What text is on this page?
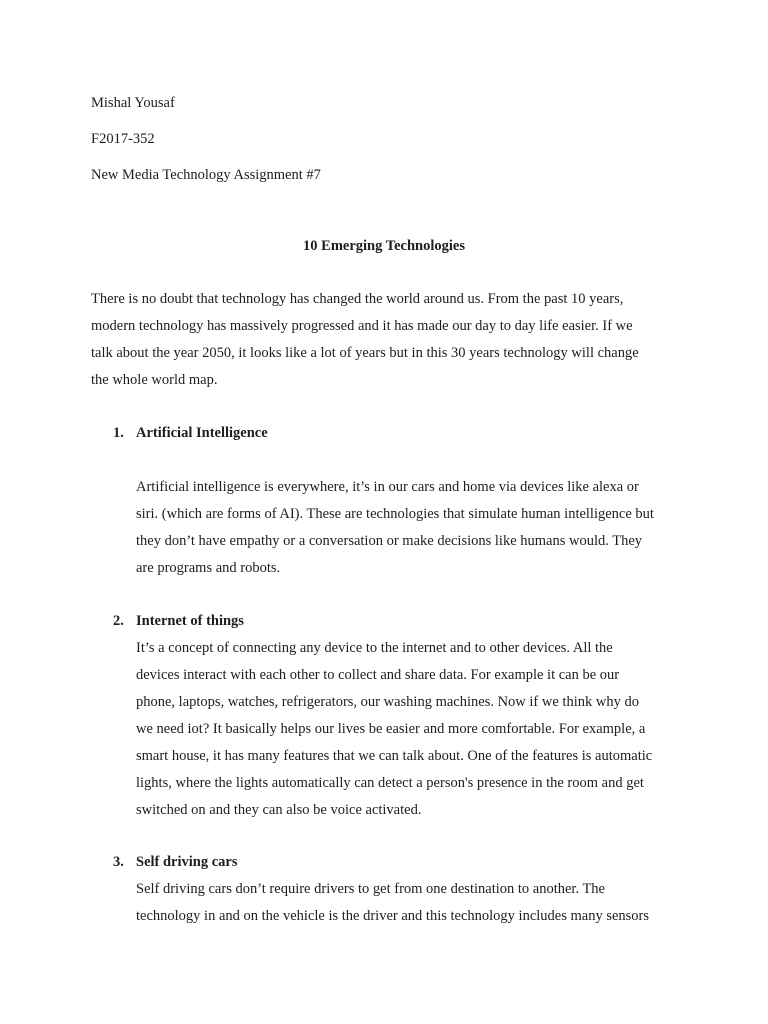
Mishal Yousaf
F2017-352
New Media Technology Assignment #7
10 Emerging Technologies
There is no doubt that technology has changed the world around us. From the past 10 years,
modern technology has massively progressed and it has made our day to day life easier. If we
talk about the year 2050, it looks like a lot of years but in this 30 years technology will change
the whole world map.
1. Artificial Intelligence
Artificial intelligence is everywhere, it’s in our cars and home via devices like alexa or
siri. (which are forms of AI). These are technologies that simulate human intelligence but
they don’t have empathy or a conversation or make decisions like humans would. They
are programs and robots.
2. Internet of things
It’s a concept of connecting any device to the internet and to other devices. All the
devices interact with each other to collect and share data. For example it can be our
phone, laptops, watches, refrigerators, our washing machines. Now if we think why do
we need iot? It basically helps our lives be easier and more comfortable. For example, a
smart house, it has many features that we can talk about. One of the features is automatic
lights, where the lights automatically can detect a person's presence in the room and get
switched on and they can also be voice activated.
3. Self driving cars
Self driving cars don’t require drivers to get from one destination to another. The
technology in and on the vehicle is the driver and this technology includes many sensors
